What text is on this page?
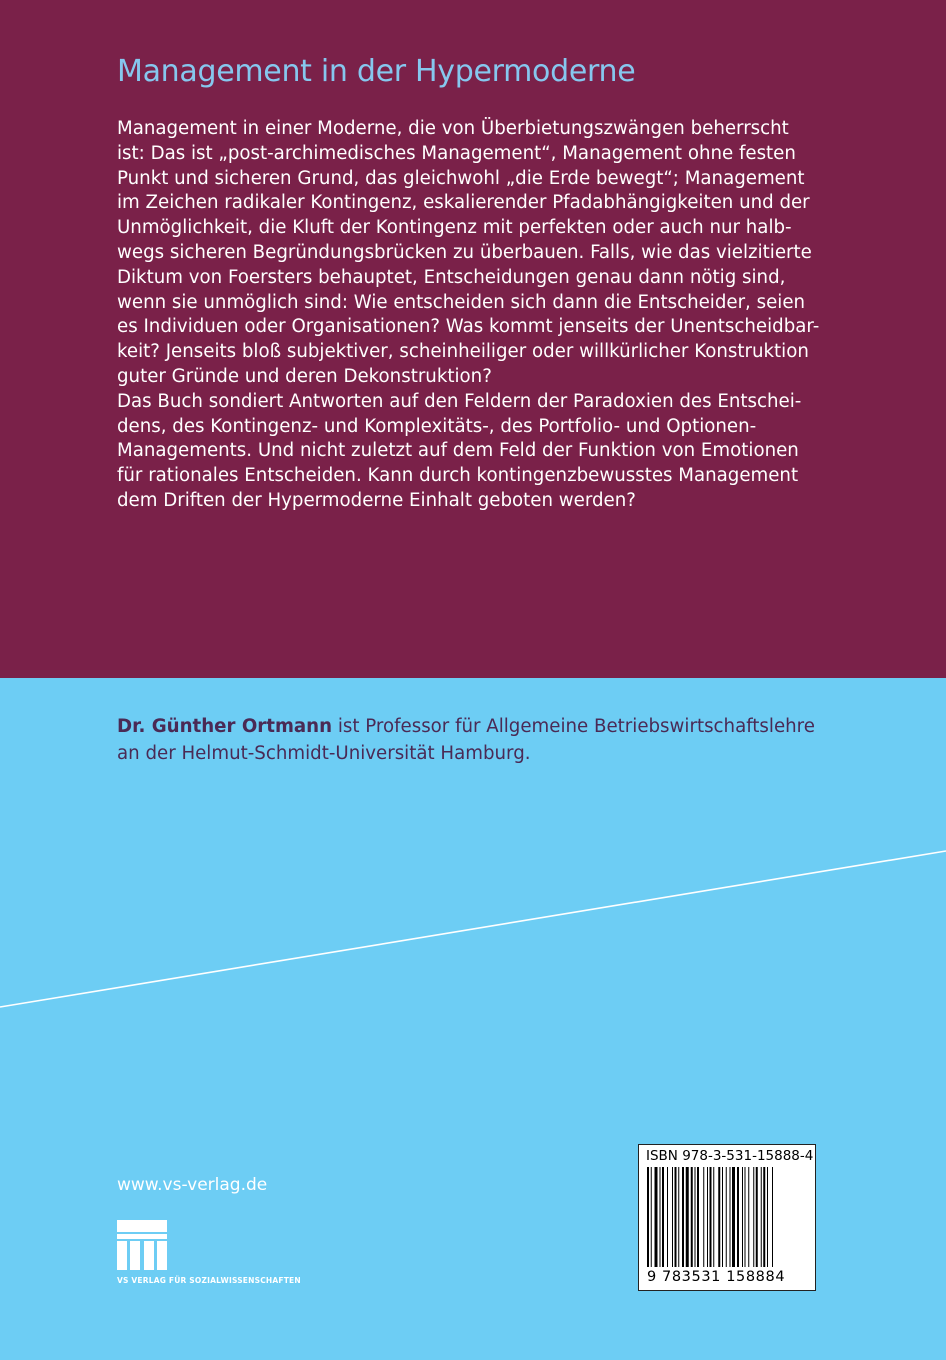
Management in der Hypermoderne
Management in einer Moderne, die von Überbietungszwängen beherrscht
ist: Das ist „post-archimedisches Management“, Management ohne festen
Punkt und sicheren Grund, das gleichwohl „die Erde bewegt“; Management
im Zeichen radikaler Kontingenz, eskalierender Pfadabhängigkeiten und der
Unmöglichkeit, die Kluft der Kontingenz mit perfekten oder auch nur halb-
wegs sicheren Begründungsbrücken zu überbauen. Falls, wie das vielzitierte
Diktum von Foersters behauptet, Entscheidungen genau dann nötig sind,
wenn sie unmöglich sind: Wie entscheiden sich dann die Entscheider, seien
es Individuen oder Organisationen? Was kommt jenseits der Unentscheidbar-
keit? Jenseits bloß subjektiver, scheinheiliger oder willkürlicher Konstruktion
guter Gründe und deren Dekonstruktion?
Das Buch sondiert Antworten auf den Feldern der Paradoxien des Entschei-
dens, des Kontingenz- und Komplexitäts-, des Portfolio- und Optionen-
Managements. Und nicht zuletzt auf dem Feld der Funktion von Emotionen
für rationales Entscheiden. Kann durch kontingenzbewusstes Management
dem Driften der Hypermoderne Einhalt geboten werden?
Dr. Günther Ortmann ist Professor für Allgemeine Betriebswirtschaftslehre
an der Helmut-Schmidt-Universität Hamburg.
www.vs-verlag.de
VS VERLAG FÜR SOZIALWISSENSCHAFTEN
ISBN 978-3-531-15888-4
9 783531 158884
